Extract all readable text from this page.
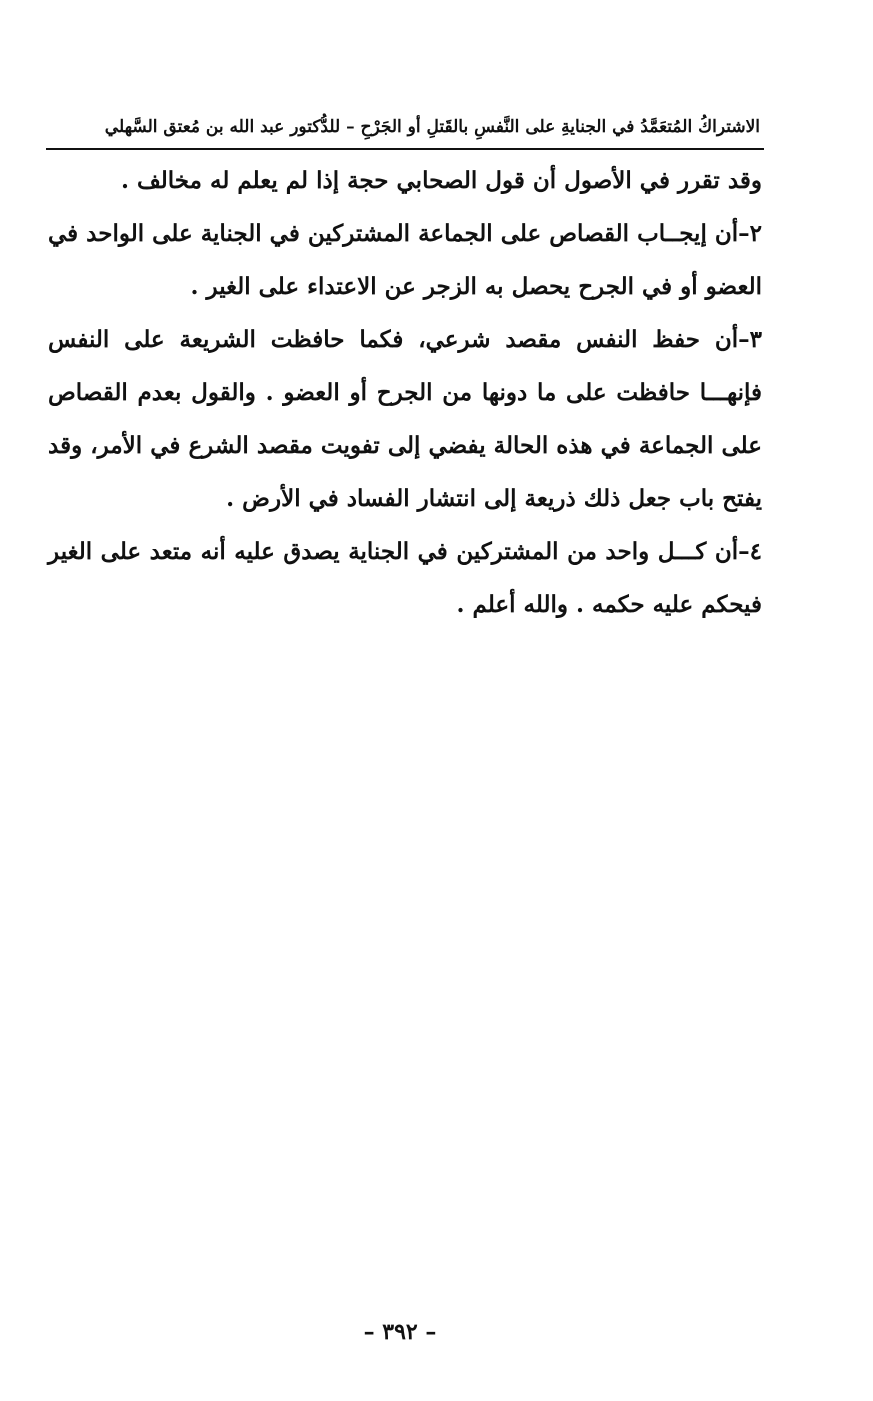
الاشتراكُ المُتعَمَّدُ في الجنايةِ على النَّفسِ بالقَتلِ أو الجَرْحِ – للدُّكتور عبد الله بن مُعتق السَّهلي

وقد تقرر في الأصول أن قول الصحابي حجة إذا لم يعلم له مخالف .

٢–أن إيجــاب القصاص على الجماعة المشتركين في الجناية على الواحد في العضو أو في الجرح يحصل به الزجر عن الاعتداء على الغير .

٣–أن حفظ النفس مقصد شرعي، فكما حافظت الشريعة على النفس فإنهـــا حافظت على ما دونها من الجرح أو العضو . والقول بعدم القصاص على الجماعة في هذه الحالة يفضي إلى تفويت مقصد الشرع في الأمر، وقد يفتح باب جعل ذلك ذريعة إلى انتشار الفساد في الأرض .

٤–أن كـــل واحد من المشتركين في الجناية يصدق عليه أنه متعد على الغير فيحكم عليه حكمه . والله أعلم .

– ٣٩٢ –
